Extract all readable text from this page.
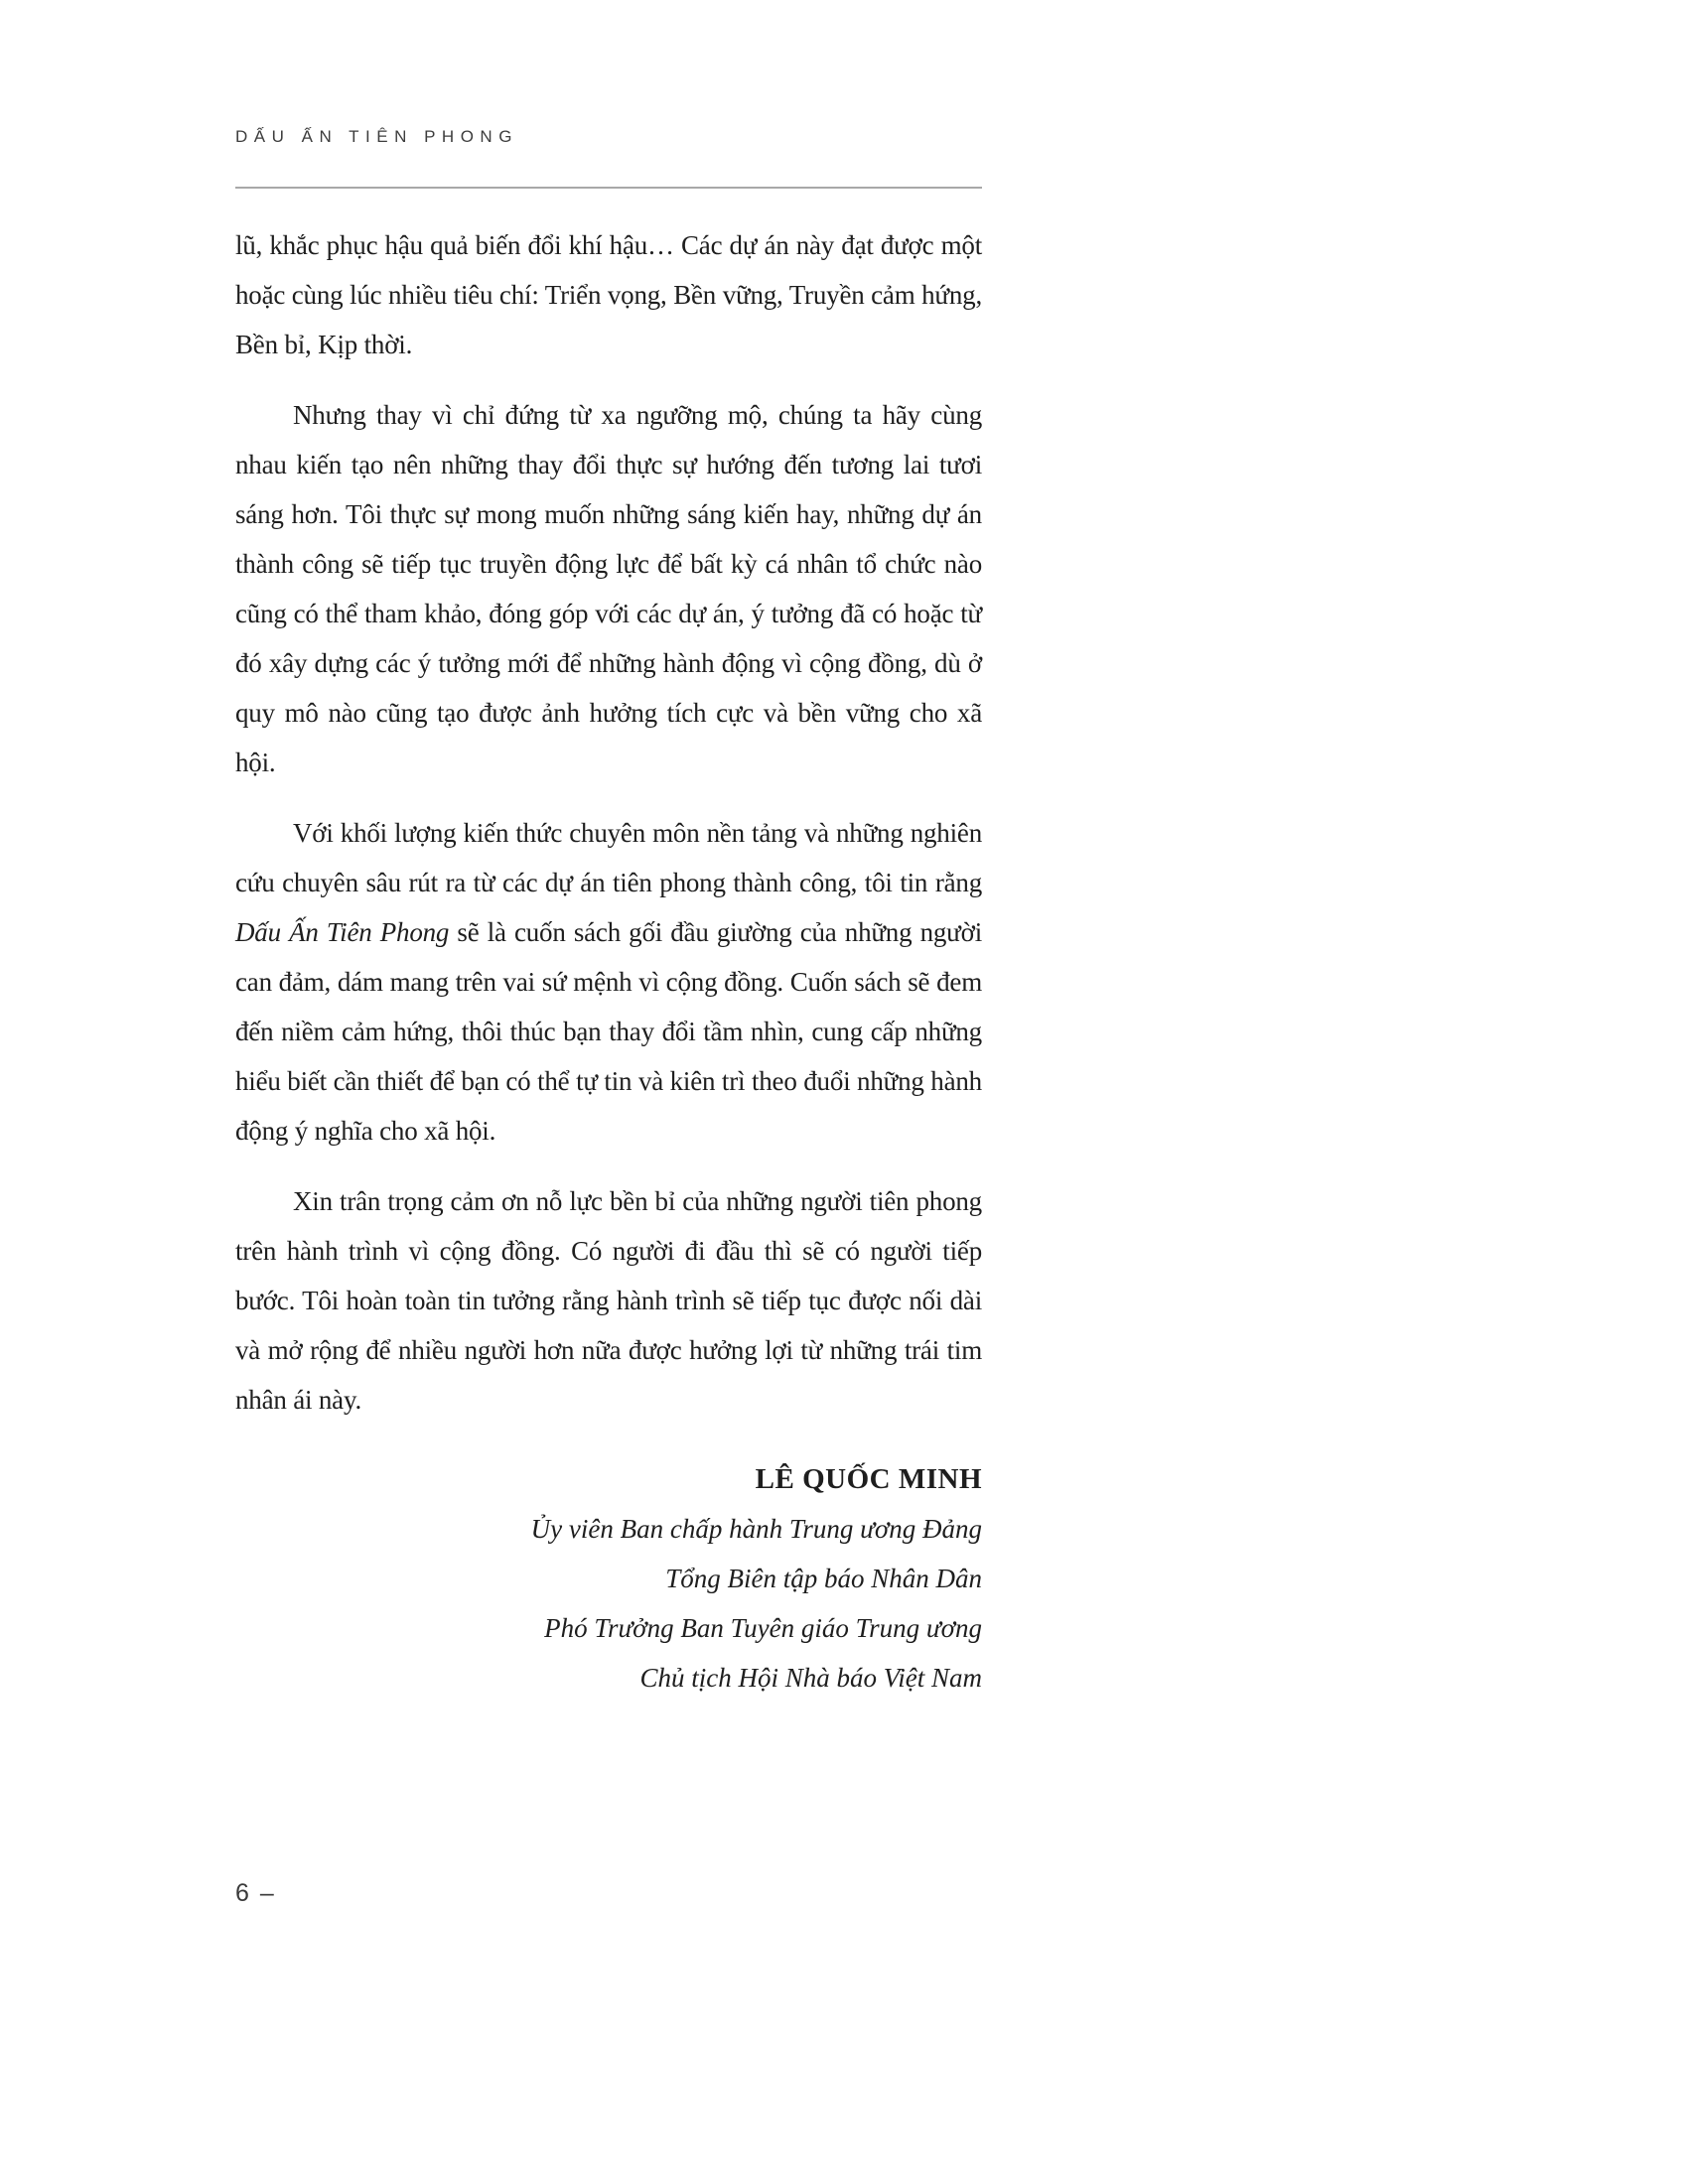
DẤU ẤN TIÊN PHONG

lũ, khắc phục hậu quả biến đổi khí hậu… Các dự án này đạt được một hoặc cùng lúc nhiều tiêu chí: Triển vọng, Bền vững, Truyền cảm hứng, Bền bỉ, Kịp thời.

Nhưng thay vì chỉ đứng từ xa ngưỡng mộ, chúng ta hãy cùng nhau kiến tạo nên những thay đổi thực sự hướng đến tương lai tươi sáng hơn. Tôi thực sự mong muốn những sáng kiến hay, những dự án thành công sẽ tiếp tục truyền động lực để bất kỳ cá nhân tổ chức nào cũng có thể tham khảo, đóng góp với các dự án, ý tưởng đã có hoặc từ đó xây dựng các ý tưởng mới để những hành động vì cộng đồng, dù ở quy mô nào cũng tạo được ảnh hưởng tích cực và bền vững cho xã hội.

Với khối lượng kiến thức chuyên môn nền tảng và những nghiên cứu chuyên sâu rút ra từ các dự án tiên phong thành công, tôi tin rằng Dấu Ấn Tiên Phong sẽ là cuốn sách gối đầu giường của những người can đảm, dám mang trên vai sứ mệnh vì cộng đồng. Cuốn sách sẽ đem đến niềm cảm hứng, thôi thúc bạn thay đổi tầm nhìn, cung cấp những hiểu biết cần thiết để bạn có thể tự tin và kiên trì theo đuổi những hành động ý nghĩa cho xã hội.

Xin trân trọng cảm ơn nỗ lực bền bỉ của những người tiên phong trên hành trình vì cộng đồng. Có người đi đầu thì sẽ có người tiếp bước. Tôi hoàn toàn tin tưởng rằng hành trình sẽ tiếp tục được nối dài và mở rộng để nhiều người hơn nữa được hưởng lợi từ những trái tim nhân ái này.

LÊ QUỐC MINH
Ủy viên Ban chấp hành Trung ương Đảng
Tổng Biên tập báo Nhân Dân
Phó Trưởng Ban Tuyên giáo Trung ương
Chủ tịch Hội Nhà báo Việt Nam
6 –
